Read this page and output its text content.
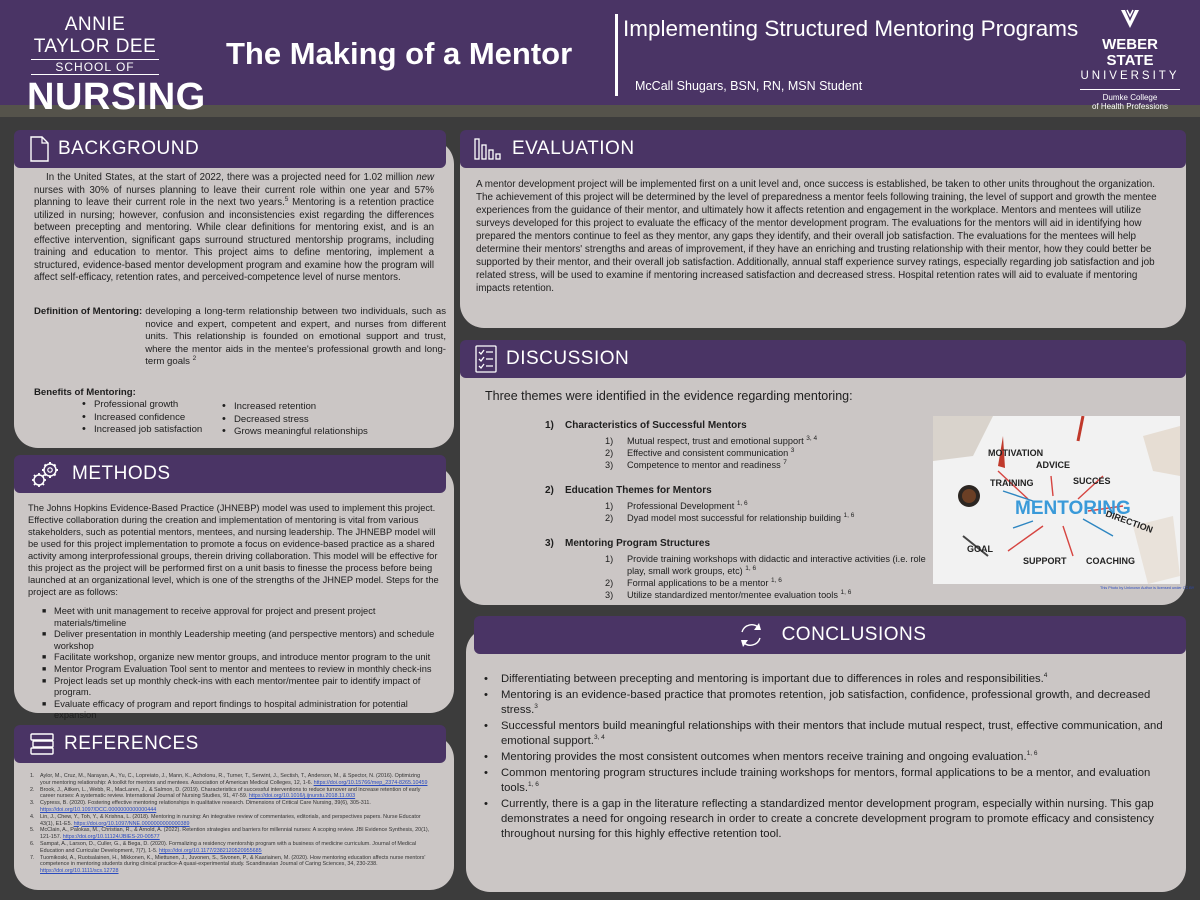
ANNIE TAYLOR DEE
SCHOOL OF
NURSING
The Making of a Mentor
Implementing Structured Mentoring Programs
McCall Shugars, BSN, RN, MSN Student
WEBER STATE
UNIVERSITY
Dumke College
of Health Professions
In the United States, at the start of 2022, there was a projected need for 1.02 million new nurses with 30% of nurses planning to leave their current role within one year and 57% planning to leave their current role in the next two years.$^5$ Mentoring is a retention practice utilized in nursing; however, confusion and inconsistencies exist regarding the differences between precepting and mentoring. While clear definitions for mentoring exist, and is an effective intervention, significant gaps surround structured mentorship programs, including training and education to mentor. This project aims to define mentoring, implement a structured, evidence-based mentor development program and examine how the program will affect self-efficacy, retention rates, and perceived-competence level of nurse mentors.
Definition of Mentoring: developing a long-term relationship between two individuals, such as novice and expert, competent and expert, and nurses from different units. This relationship is founded on emotional support and trust, where the mentor aids in the mentee's professional growth and long-term goals $^2$
Benefits of Mentoring:
• Professional growth
• Increased confidence
• Increased job satisfaction
• Increased retention
• Decreased stress
• Grows meaningful relationships
BACKGROUND
The Johns Hopkins Evidence-Based Practice (JHNEBP) model was used to implement this project. Effective collaboration during the creation and implementation of mentoring is vital from various stakeholders, such as potential mentors, mentees, and nursing leadership. The JHNEBP model will be used for this project implementation to promote a focus on evidence-based practice as a shared activity among interprofessional groups, therein driving collaboration. This model will be effective for this project as the project will be performed first on a unit basis to finesse the process before being launched at an organizational level, which is one of the strengths of the JHNEP model. Steps for the project are as follows:
■ Meet with unit management to receive approval for project and present project materials/timeline
■ Deliver presentation in monthly Leadership meeting (and perspective mentors) and schedule workshop
■ Facilitate workshop, organize new mentor groups, and introduce mentor program to the unit
■ Mentor Program Evaluation Tool sent to mentor and mentees to review in monthly check-ins
■ Project leads set up monthly check-ins with each mentor/mentee pair to identify impact of program.
■ Evaluate efficacy of program and report findings to hospital administration for potential expansion
METHODS
1.	Aylor, M., Cruz, M., Narayan, A., Yu, C., Lopreiato, J., Mann, K., Acholonu, R., Turner, T., Serwint, J., Sectish, T., Anderson, M., & Spector, N. (2016). Optimizing your mentoring relationship: A toolkit for mentors and mentees. Association of American Medical Colleges, 12, 1-6. https://doi.org/10.15766/mep_2374-8265.10459
2.	Brook, J., Aitken, L., Webb, R., MacLaren, J., & Salmon, D. (2019). Characteristics of successful interventions to reduce turnover and increase retention of early career nurses: A systematic review. International Journal of Nursing Studies, 91, 47-59. https://doi.org/10.1016/j.ijnurstu.2018.11.003
3.	Cypress, B. (2020). Fostering effective mentoring relationships in qualitative research. Dimensions of Critical Care Nursing, 39(6), 305-311. https://doi.org/10.1097/DCC.0000000000000444
4.	Lin, J., Chew, Y., Toh, Y., & Krishna, L. (2018). Mentoring in nursing: An integrative review of commentaries, editorials, and perspectives papers. Nurse Educator 43(1), E1-E5. https://doi.org/10.1097/NNE.0000000000000389
5.	McClain, A., Palokas, M., Christian, R., & Arnold, A. (2022). Retention strategies and barriers for millennial nurses: A scoping review. JBI Evidence Synthesis, 20(1), 121-157. https://doi.org/10.11124/JBIES-20-00577
6.	Sampat, A., Larson, D., Culler, G., & Bega, D. (2020). Formalizing a residency mentorship program with a business of medicine curriculum. Journal of Medical Education and Curricular Development, 7(7), 1-5. https://doi.org/10.1177/2382120520955685
7.	Tuomikoski, A., Ruotsalainen, H., Mikkonen, K., Miettunen, J., Juvonen, S., Sivonen, P., & Kaariainen, M. (2020). How mentoring education affects nurse mentors' competence in mentoring students during clinical practice-A quasi-experimental study. Scandinavian Journal of Caring Sciences, 34, 230-238. https://doi.org/10.1111/scs.12728
REFERENCES
A mentor development project will be implemented first on a unit level and, once success is established, be taken to other units throughout the organization. The achievement of this project will be determined by the level of preparedness a mentor feels following training, the level of support and growth the mentee experiences from the guidance of their mentor, and ultimately how it affects retention and engagement in the workplace. Mentors and mentees will utilize surveys developed for this project to evaluate the efficacy of the mentor development program. The evaluations for the mentors will aid in identifying how prepared the mentors continue to feel as they mentor, any gaps they identify, and their overall job satisfaction. The evaluations for the mentees will help determine their mentors' strengths and areas of improvement, if they have an enriching and trusting relationship with their mentor, how they could better be supported by their mentor, and their overall job satisfaction. Additionally, annual staff experience survey ratings, especially regarding job satisfaction and job related stress, will be used to examine if mentoring increased satisfaction and decreased stress. Hospital retention rates will aid to evaluate if mentoring impacts retention.
EVALUATION
Three themes were identified in the evidence regarding mentoring:
1)	Characteristics of Successful Mentors
1)	Mutual respect, trust and emotional support $^{3, 4}$
2)	Effective and consistent communication $^3$
3)	Competence to mentor and readiness $^7$
2)	Education Themes for Mentors
1)	Professional Development $^{1, 6}$
2)	Dyad model most successful for relationship building $^{1, 6}$
3)	Mentoring Program Structures
1)	Provide training workshops with didactic and interactive activities (i.e. role play, small work groups, etc) $^{1, 6}$
2)	Formal applications to be a mentor $^{1, 6}$
3)	Utilize standardized mentor/mentee evaluation tools $^{1, 6}$
DISCUSSION
MOTIVATION
ADVICE
TRAINING	SUCCES
MENTORING
DIRECTION
GOAL
SUPPORT COACHING
This Photo by Unknown Author is licensed under CC BY
• Differentiating between precepting and mentoring is important due to differences in roles and responsibilities.$^4$
• Mentoring is an evidence-based practice that promotes retention, job satisfaction, confidence, professional growth, and decreased stress.$^3$
• Successful mentors build meaningful relationships with their mentors that include mutual respect, trust, effective communication, and emotional support.$^{3, 4}$
• Mentoring provides the most consistent outcomes when mentors receive training and ongoing evaluation.$^{1, 6}$
• Common mentoring program structures include training workshops for mentors, formal applications to be a mentor, and evaluation tools.$^{1, 6}$
• Currently, there is a gap in the literature reflecting a standardized mentor development program, especially within nursing. This gap demonstrates a need for ongoing research in order to create a concrete development program to promote efficacy and consistency throughout nursing for this highly effective retention tool.
CONCLUSIONS
